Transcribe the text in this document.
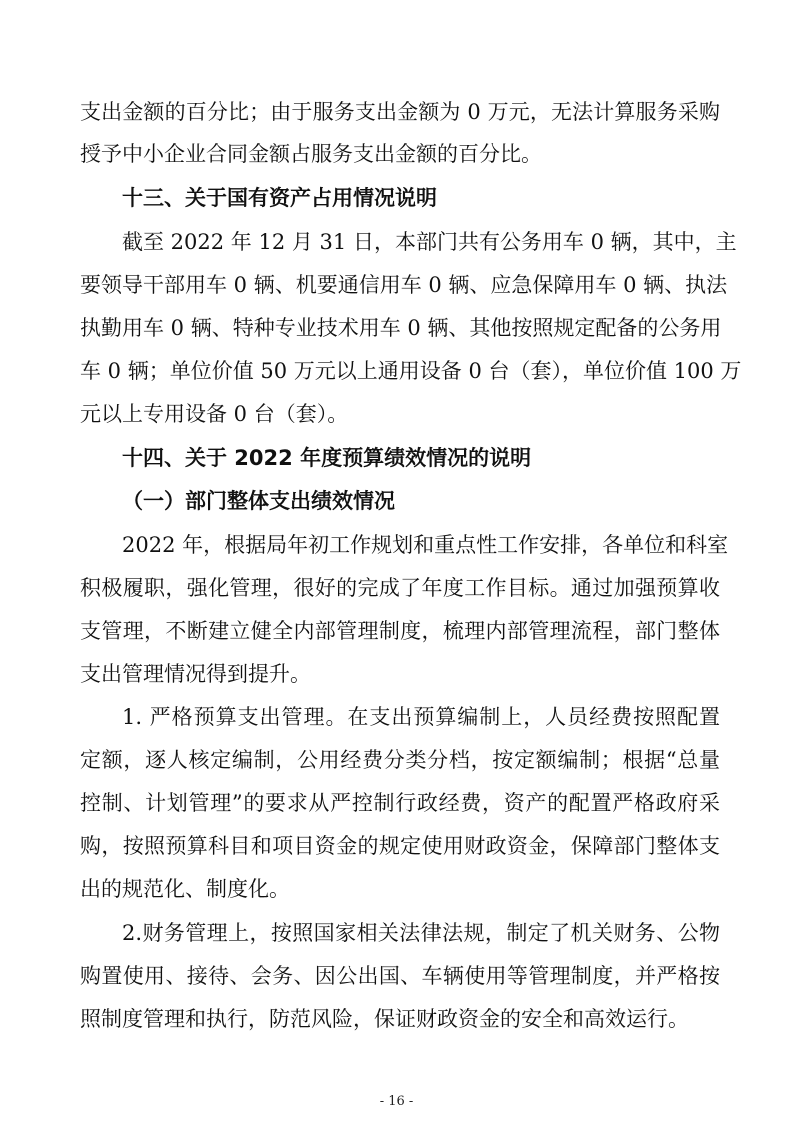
支出金额的百分比；由于服务支出金额为 0 万元，无法计算服务采购
授予中小企业合同金额占服务支出金额的百分比。
十三、关于国有资产占用情况说明
截至 2022 年 12 月 31 日，本部门共有公务用车 0 辆，其中，主
要领导干部用车 0 辆、机要通信用车 0 辆、应急保障用车 0 辆、执法
执勤用车 0 辆、特种专业技术用车 0 辆、其他按照规定配备的公务用
车 0 辆；单位价值 50 万元以上通用设备 0 台（套），单位价值 100 万
元以上专用设备 0 台（套）。
十四、关于 2022 年度预算绩效情况的说明
（一）部门整体支出绩效情况
2022 年，根据局年初工作规划和重点性工作安排，各单位和科室
积极履职，强化管理，很好的完成了年度工作目标。通过加强预算收
支管理，不断建立健全内部管理制度，梳理内部管理流程，部门整体
支出管理情况得到提升。
1. 严格预算支出管理。在支出预算编制上，人员经费按照配置
定额，逐人核定编制，公用经费分类分档，按定额编制；根据“总量
控制、计划管理”的要求从严控制行政经费，资产的配置严格政府采
购，按照预算科目和项目资金的规定使用财政资金，保障部门整体支
出的规范化、制度化。
2.财务管理上，按照国家相关法律法规，制定了机关财务、公物
- 16 -
购置使用、接待、会务、因公出国、车辆使用等管理制度，并严格按
照制度管理和执行，防范风险，保证财政资金的安全和高效运行。
